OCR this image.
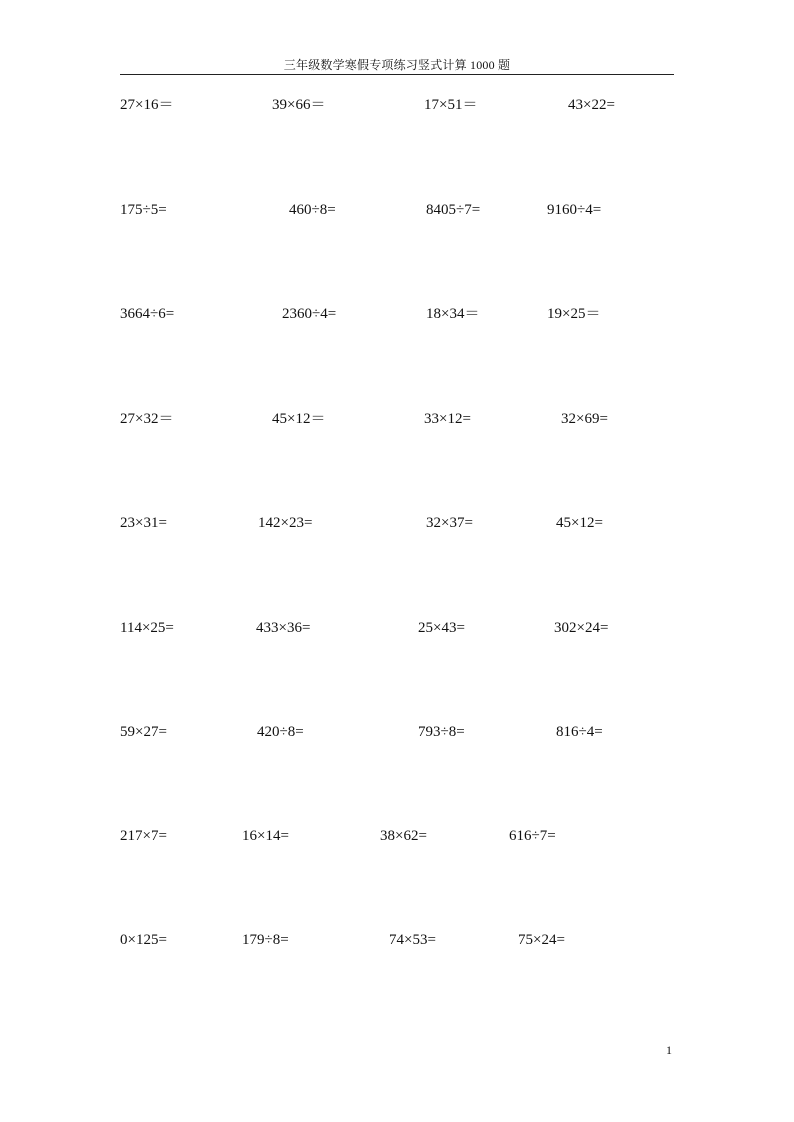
三年级数学寒假专项练习竖式计算 1000 题
27×16＝	39×66＝	17×51＝	43×22=
175÷5=	460÷8=	8405÷7=	9160÷4=
3664÷6=	2360÷4=	18×34＝	19×25＝
27×32＝	45×12＝	33×12=	32×69=
23×31=	142×23=	32×37=	45×12=
114×25=	433×36=	25×43=	302×24=
59×27=	420÷8=	793÷8=	816÷4=
217×7=	16×14=	38×62=	616÷7=
0×125=	179÷8=	74×53=	75×24=
1
